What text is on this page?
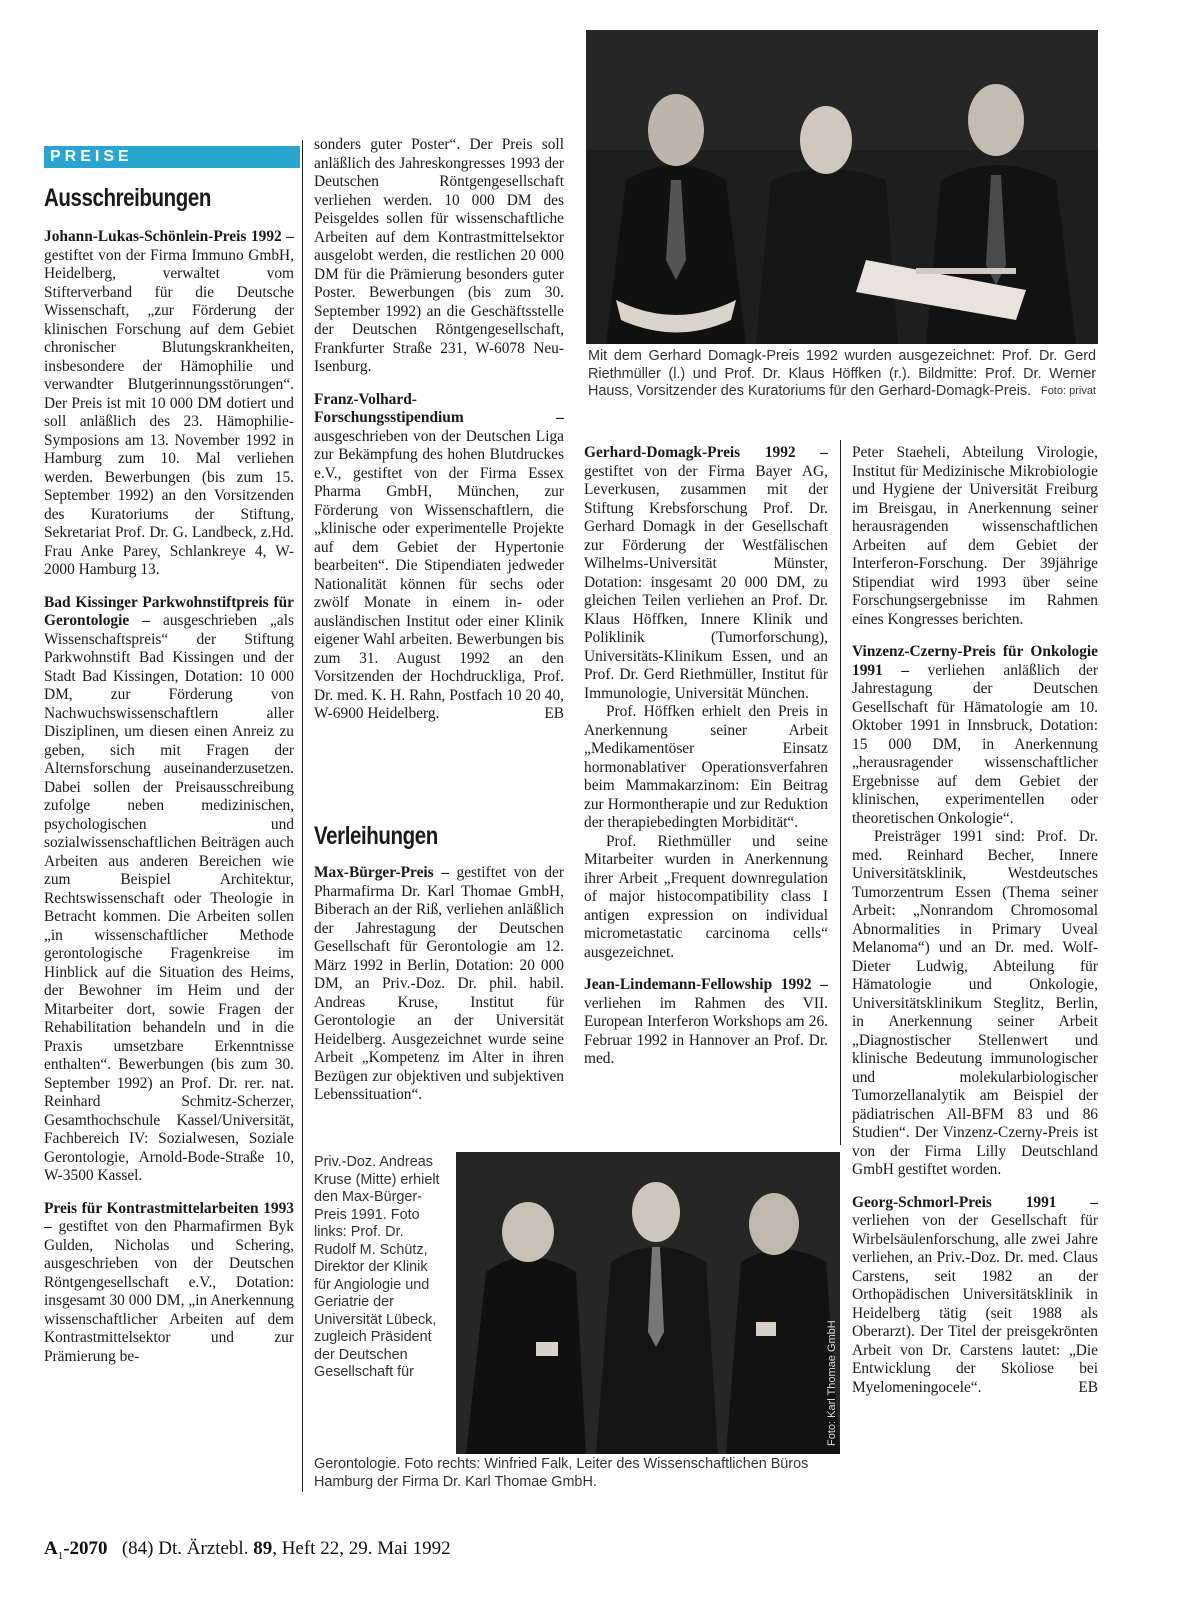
PREISE
Ausschreibungen

Johann-Lukas-Schönlein-Preis 1992 – gestiftet von der Firma Immuno GmbH, Heidelberg, verwaltet vom Stifterverband für die Deutsche Wissenschaft, „zur Förderung der klinischen Forschung auf dem Gebiet chronischer Blutungskrankheiten, insbesondere der Hämophilie und verwandter Blutgerinnungsstörungen“. Der Preis ist mit 10 000 DM dotiert und soll anläßlich des 23. Hämophilie-Symposions am 13. November 1992 in Hamburg zum 10. Mal verliehen werden. Bewerbungen (bis zum 15. September 1992) an den Vorsitzenden des Kuratoriums der Stiftung, Sekretariat Prof. Dr. G. Landbeck, z.Hd. Frau Anke Parey, Schlankreye 4, W-2000 Hamburg 13.

Bad Kissinger Parkwohnstiftpreis für Gerontologie – ausgeschrieben „als Wissenschaftspreis“ der Stiftung Parkwohnstift Bad Kissingen und der Stadt Bad Kissingen, Dotation: 10 000 DM, zur Förderung von Nachwuchswissenschaftlern aller Disziplinen, um diesen einen Anreiz zu geben, sich mit Fragen der Alternsforschung auseinanderzusetzen. Dabei sollen der Preisausschreibung zufolge neben medizinischen, psychologischen und sozialwissenschaftlichen Beiträgen auch Arbeiten aus anderen Bereichen wie zum Beispiel Architektur, Rechtswissenschaft oder Theologie in Betracht kommen. Die Arbeiten sollen „in wissenschaftlicher Methode gerontologische Fragenkreise im Hinblick auf die Situation des Heims, der Bewohner im Heim und der Mitarbeiter dort, sowie Fragen der Rehabilitation behandeln und in die Praxis umsetzbare Erkenntnisse enthalten“. Bewerbungen (bis zum 30. September 1992) an Prof. Dr. rer. nat. Reinhard Schmitz-Scherzer, Gesamthochschule Kassel/Universität, Fachbereich IV: Sozialwesen, Soziale Gerontologie, Arnold-Bode-Straße 10, W-3500 Kassel.

Preis für Kontrastmittelarbeiten 1993 – gestiftet von den Pharmafirmen Byk Gulden, Nicholas und Schering, ausgeschrieben von der Deutschen Röntgengesellschaft e.V., Dotation: insgesamt 30 000 DM, „in Anerkennung wissenschaftlicher Arbeiten auf dem Kontrastmittelsektor und zur Prämierung be-

sonders guter Poster“. Der Preis soll anläßlich des Jahreskongresses 1993 der Deutschen Röntgengesellschaft verliehen werden. 10 000 DM des Peisgeldes sollen für wissenschaftliche Arbeiten auf dem Kontrastmittelsektor ausgelobt werden, die restlichen 20 000 DM für die Prämierung besonders guter Poster. Bewerbungen (bis zum 30. September 1992) an die Geschäftsstelle der Deutschen Röntgengesellschaft, Frankfurter Straße 231, W-6078 Neu-Isenburg.

Franz-Volhard-Forschungsstipendium – ausgeschrieben von der Deutschen Liga zur Bekämpfung des hohen Blutdruckes e.V., gestiftet von der Firma Essex Pharma GmbH, München, zur Förderung von Wissenschaftlern, die „klinische oder experimentelle Projekte auf dem Gebiet der Hypertonie bearbeiten“. Die Stipendiaten jedweder Nationalität können für sechs oder zwölf Monate in einem in- oder ausländischen Institut oder einer Klinik eigener Wahl arbeiten. Bewerbungen bis zum 31. August 1992 an den Vorsitzenden der Hochdruckliga, Prof. Dr. med. K. H. Rahn, Postfach 10 20 40, W-6900 Heidelberg.	EB

Verleihungen

Max-Bürger-Preis – gestiftet von der Pharmafirma Dr. Karl Thomae GmbH, Biberach an der Riß, verliehen anläßlich der Jahrestagung der Deutschen Gesellschaft für Gerontologie am 12. März 1992 in Berlin, Dotation: 20 000 DM, an Priv.-Doz. Dr. phil. habil. Andreas Kruse, Institut für Gerontologie an der Universität Heidelberg. Ausgezeichnet wurde seine Arbeit „Kompetenz im Alter in ihren Bezügen zur objektiven und subjektiven Lebenssituation“.

Mit dem Gerhard Domagk-Preis 1992 wurden ausgezeichnet: Prof. Dr. Gerd Riethmüller (l.) und Prof. Dr. Klaus Höffken (r.). Bildmitte: Prof. Dr. Werner Hauss, Vorsitzender des Kuratoriums für den Gerhard-Domagk-Preis. Foto: privat

Gerhard-Domagk-Preis 1992 – gestiftet von der Firma Bayer AG, Leverkusen, zusammen mit der Stiftung Krebsforschung Prof. Dr. Gerhard Domagk in der Gesellschaft zur Förderung der Westfälischen Wilhelms-Universität Münster, Dotation: insgesamt 20 000 DM, zu gleichen Teilen verliehen an Prof. Dr. Klaus Höffken, Innere Klinik und Poliklinik (Tumorforschung), Universitäts-Klinikum Essen, und an Prof. Dr. Gerd Riethmüller, Institut für Immunologie, Universität München.

Prof. Höffken erhielt den Preis in Anerkennung seiner Arbeit „Medikamentöser Einsatz hormonablativer Operationsverfahren beim Mammakarzinom: Ein Beitrag zur Hormontherapie und zur Reduktion der therapiebedingten Morbidität“.

Prof. Riethmüller und seine Mitarbeiter wurden in Anerkennung ihrer Arbeit „Frequent downregulation of major histocompatibility class I antigen expression on individual micrometastatic carcinoma cells“ ausgezeichnet.

Jean-Lindemann-Fellowship 1992 – verliehen im Rahmen des VII. European Interferon Workshops am 26. Februar 1992 in Hannover an Prof. Dr. med.

Peter Staeheli, Abteilung Virologie, Institut für Medizinische Mikrobiologie und Hygiene der Universität Freiburg im Breisgau, in Anerkennung seiner herausragenden wissenschaftlichen Arbeiten auf dem Gebiet der Interferon-Forschung. Der 39jährige Stipendiat wird 1993 über seine Forschungsergebnisse im Rahmen eines Kongresses berichten.

Vinzenz-Czerny-Preis für Onkologie 1991 – verliehen anläßlich der Jahrestagung der Deutschen Gesellschaft für Hämatologie am 10. Oktober 1991 in Innsbruck, Dotation: 15 000 DM, in Anerkennung „herausragender wissenschaftlicher Ergebnisse auf dem Gebiet der klinischen, experimentellen oder theoretischen Onkologie“.

Preisträger 1991 sind: Prof. Dr. med. Reinhard Becher, Innere Universitätsklinik, Westdeutsches Tumorzentrum Essen (Thema seiner Arbeit: „Nonrandom Chromosomal Abnormalities in Primary Uveal Melanoma“) und an Dr. med. Wolf-Dieter Ludwig, Abteilung für Hämatologie und Onkologie, Universitätsklinikum Steglitz, Berlin, in Anerkennung seiner Arbeit „Diagnostischer Stellenwert und klinische Bedeutung immunologischer und molekularbiologischer Tumorzellanalytik am Beispiel der pädiatrischen All-BFM 83 und 86 Studien“. Der Vinzenz-Czerny-Preis ist von der Firma Lilly Deutschland GmbH gestiftet worden.

Georg-Schmorl-Preis 1991 – verliehen von der Gesellschaft für Wirbelsäulenforschung, alle zwei Jahre verliehen, an Priv.-Doz. Dr. med. Claus Carstens, seit 1982 an der Orthopädischen Universitätsklinik in Heidelberg tätig (seit 1988 als Oberarzt). Der Titel der preisgekrönten Arbeit von Dr. Carstens lautet: „Die Entwicklung der Skoliose bei Myelomeningocele“.	EB

Priv.-Doz. Andreas Kruse (Mitte) erhielt den Max-Bürger-Preis 1991. Foto links: Prof. Dr. Rudolf M. Schütz, Direktor der Klinik für Angiologie und Geriatrie der Universität Lübeck, zugleich Präsident der Deutschen Gesellschaft für	Foto: Karl Thomae GmbH
Gerontologie. Foto rechts: Winfried Falk, Leiter des Wissenschaftlichen Büros Hamburg der Firma Dr. Karl Thomae GmbH.
$A_1-2070$ (84) Dt. Ärztebl. 89, Heft 22, 29. Mai 1992
